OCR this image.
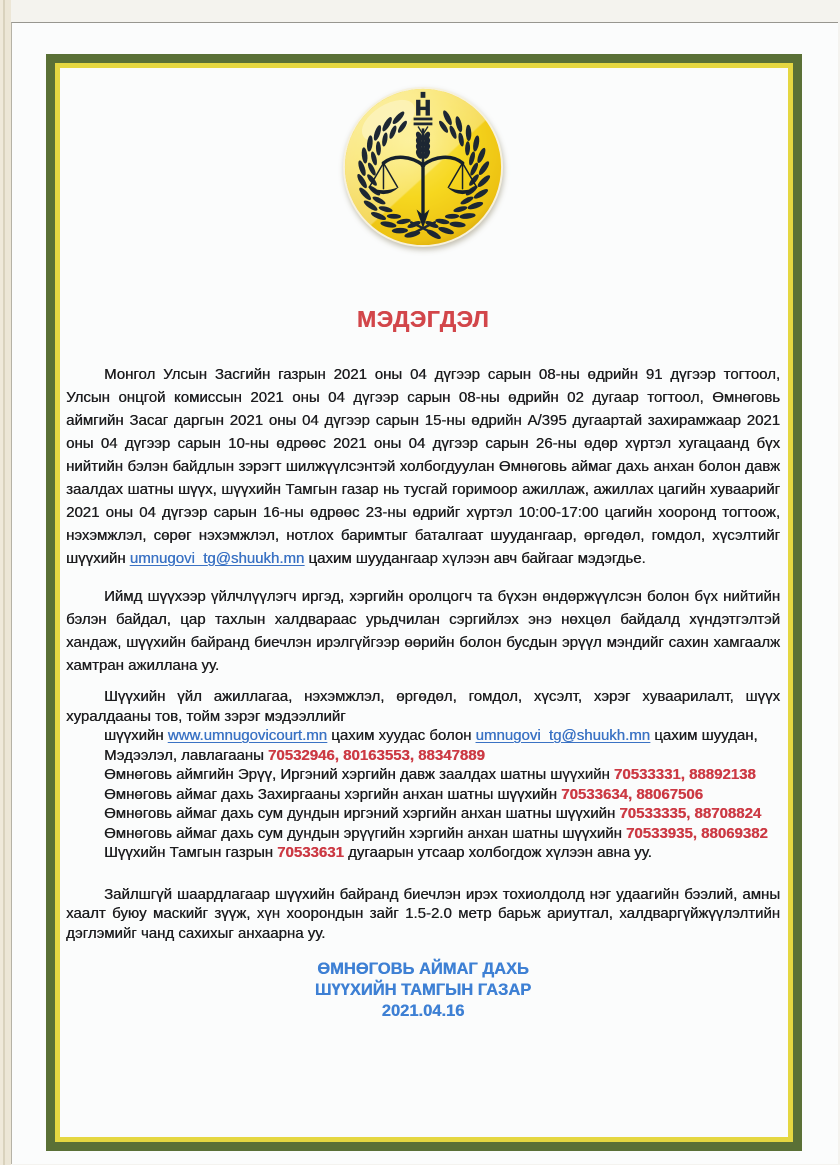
МЭДЭГДЭЛ

Монгол Улсын Засгийн газрын 2021 оны 04 дүгээр сарын 08-ны өдрийн 91 дүгээр тогтоол, Улсын онцгой комиссын 2021 оны 04 дүгээр сарын 08-ны өдрийн 02 дугаар тогтоол, Өмнөговь аймгийн Засаг даргын 2021 оны 04 дүгээр сарын 15-ны өдрийн А/395 дугаартай захирамжаар 2021 оны 04 дүгээр сарын 10-ны өдрөөс 2021 оны 04 дүгээр сарын 26-ны өдөр хүртэл хугацаанд бүх нийтийн бэлэн байдлын зэрэгт шилжүүлсэнтэй холбогдуулан Өмнөговь аймаг дахь анхан болон давж заалдах шатны шүүх, шүүхийн Тамгын газар нь тусгай горимоор ажиллаж, ажиллах цагийн хуваарийг 2021 оны 04 дүгээр сарын 16-ны өдрөөс 23-ны өдрийг хүртэл 10:00-17:00 цагийн хооронд тогтоож, нэхэмжлэл, сөрөг нэхэмжлэл, нотлох баримтыг баталгаат шуудангаар, өргөдөл, гомдол, хүсэлтийг шүүхийн umnugovi_tg@shuukh.mn цахим шуудангаар хүлээн авч байгааг мэдэгдье.

Иймд шүүхээр үйлчлүүлэгч иргэд, хэргийн оролцогч та бүхэн өндөржүүлсэн болон бүх нийтийн бэлэн байдал, цар тахлын халдвараас урьдчилан сэргийлэх энэ нөхцөл байдалд хүндэтгэлтэй хандаж, шүүхийн байранд биечлэн ирэлгүйгээр өөрийн болон бусдын эрүүл мэндийг сахин хамгаалж хамтран ажиллана уу.

Шүүхийн үйл ажиллагаа, нэхэмжлэл, өргөдөл, гомдол, хүсэлт, хэрэг хуваарилалт, шүүх хуралдааны тов, тойм зэрэг мэдээллийг

шүүхийн www.umnugovicourt.mn цахим хуудас болон umnugovi_tg@shuukh.mn цахим шуудан,

Мэдээлэл, лавлагааны 70532946, 80163553, 88347889

Өмнөговь аймгийн Эрүү, Иргэний хэргийн давж заалдах шатны шүүхийн 70533331, 88892138

Өмнөговь аймаг дахь Захиргааны хэргийн анхан шатны шүүхийн 70533634, 88067506

Өмнөговь аймаг дахь сум дундын иргэний хэргийн анхан шатны шүүхийн 70533335, 88708824

Өмнөговь аймаг дахь сум дундын эрүүгийн хэргийн анхан шатны шүүхийн 70533935, 88069382

Шүүхийн Тамгын газрын 70533631 дугаарын утсаар холбогдож хүлээн авна уу.

Зайлшгүй шаардлагаар шүүхийн байранд биечлэн ирэх тохиолдолд нэг удаагийн бээлий, амны хаалт буюу маскийг зүүж, хүн хоорондын зайг 1.5-2.0 метр барьж ариутгал, халдваргүйжүүлэлтийн дэглэмийг чанд сахихыг анхаарна уу.

ӨМНӨГОВЬ АЙМАГ ДАХЬ
ШҮҮХИЙН ТАМГЫН ГАЗАР
2021.04.16
